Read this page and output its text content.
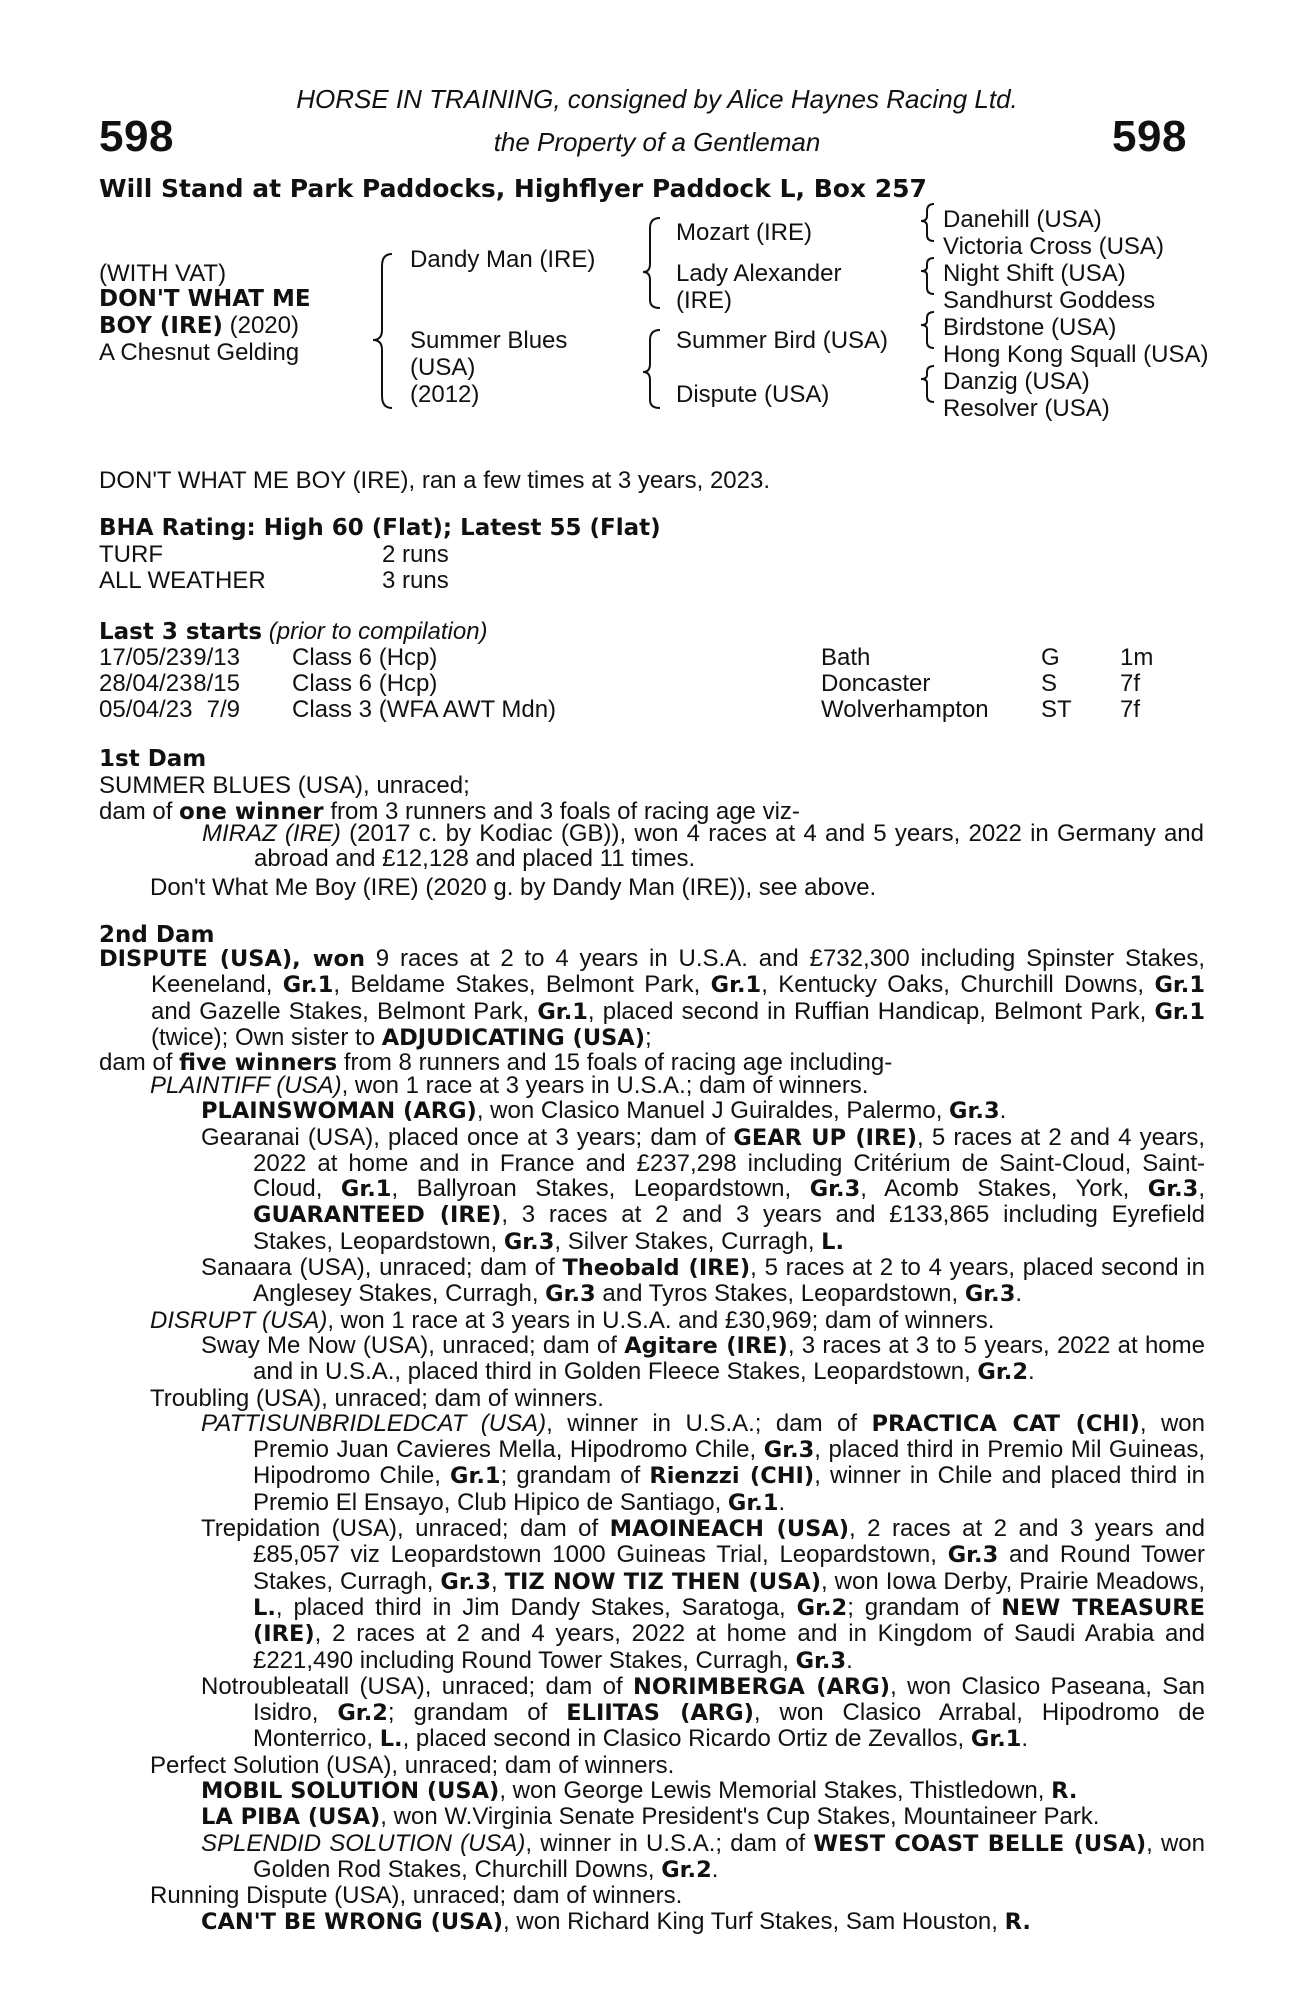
598	598
HORSE IN TRAINING, consigned by Alice Haynes Racing Ltd.
the Property of a Gentleman
Will Stand at Park Paddocks, Highflyer Paddock L, Box 257
(WITH VAT)
DON'T WHAT ME
BOY (IRE) (2020)
A Chesnut Gelding
Dandy Man (IRE)
Summer Blues
(USA)
(2012)
Mozart (IRE)
Lady Alexander
(IRE)
Summer Bird (USA)
Dispute (USA)
Danehill (USA)
Victoria Cross (USA)
Night Shift (USA)
Sandhurst Goddess
Birdstone (USA)
Hong Kong Squall (USA)
Danzig (USA)
Resolver (USA)
DON'T WHAT ME BOY (IRE), ran a few times at 3 years, 2023.
BHA Rating: High 60 (Flat); Latest 55 (Flat)
TURF	2 runs
ALL WEATHER	3 runs
Last 3 starts (prior to compilation)
17/05/23 9/13 Class 6 (Hcp)	Bath	G	1m
28/04/23 8/15 Class 6 (Hcp)	Doncaster	S	7f
05/04/23 7/9 Class 3 (WFA AWT Mdn)	Wolverhampton ST 7f
1st Dam
SUMMER BLUES (USA), unraced;
dam of one winner from 3 runners and 3 foals of racing age viz-
MIRAZ (IRE) (2017 c. by Kodiac (GB)), won 4 races at 4 and 5 years, 2022 in Germany and abroad and £12,128 and placed 11 times.
Don't What Me Boy (IRE) (2020 g. by Dandy Man (IRE)), see above.
2nd Dam
DISPUTE (USA), won 9 races at 2 to 4 years in U.S.A. and £732,300 including Spinster Stakes, Keeneland, Gr.1, Beldame Stakes, Belmont Park, Gr.1, Kentucky Oaks, Churchill Downs, Gr.1 and Gazelle Stakes, Belmont Park, Gr.1, placed second in Ruffian Handicap, Belmont Park, Gr.1 (twice); Own sister to ADJUDICATING (USA);
dam of five winners from 8 runners and 15 foals of racing age including-
PLAINTIFF (USA), won 1 race at 3 years in U.S.A.; dam of winners.
PLAINSWOMAN (ARG), won Clasico Manuel J Guiraldes, Palermo, Gr.3.
Gearanai (USA), placed once at 3 years; dam of GEAR UP (IRE), 5 races at 2 and 4 years, 2022 at home and in France and £237,298 including Critérium de Saint-Cloud, Saint-Cloud, Gr.1, Ballyroan Stakes, Leopardstown, Gr.3, Acomb Stakes, York, Gr.3, GUARANTEED (IRE), 3 races at 2 and 3 years and £133,865 including Eyrefield Stakes, Leopardstown, Gr.3, Silver Stakes, Curragh, L.
Sanaara (USA), unraced; dam of Theobald (IRE), 5 races at 2 to 4 years, placed second in Anglesey Stakes, Curragh, Gr.3 and Tyros Stakes, Leopardstown, Gr.3.
DISRUPT (USA), won 1 race at 3 years in U.S.A. and £30,969; dam of winners.
Sway Me Now (USA), unraced; dam of Agitare (IRE), 3 races at 3 to 5 years, 2022 at home and in U.S.A., placed third in Golden Fleece Stakes, Leopardstown, Gr.2.
Troubling (USA), unraced; dam of winners.
PATTISUNBRIDLEDCAT (USA), winner in U.S.A.; dam of PRACTICA CAT (CHI), won Premio Juan Cavieres Mella, Hipodromo Chile, Gr.3, placed third in Premio Mil Guineas, Hipodromo Chile, Gr.1; grandam of Rienzzi (CHI), winner in Chile and placed third in Premio El Ensayo, Club Hipico de Santiago, Gr.1.
Trepidation (USA), unraced; dam of MAOINEACH (USA), 2 races at 2 and 3 years and £85,057 viz Leopardstown 1000 Guineas Trial, Leopardstown, Gr.3 and Round Tower Stakes, Curragh, Gr.3, TIZ NOW TIZ THEN (USA), won Iowa Derby, Prairie Meadows, L., placed third in Jim Dandy Stakes, Saratoga, Gr.2; grandam of NEW TREASURE (IRE), 2 races at 2 and 4 years, 2022 at home and in Kingdom of Saudi Arabia and £221,490 including Round Tower Stakes, Curragh, Gr.3.
Notroubleatall (USA), unraced; dam of NORIMBERGA (ARG), won Clasico Paseana, San Isidro, Gr.2; grandam of ELIITAS (ARG), won Clasico Arrabal, Hipodromo de Monterrico, L., placed second in Clasico Ricardo Ortiz de Zevallos, Gr.1.
Perfect Solution (USA), unraced; dam of winners.
MOBIL SOLUTION (USA), won George Lewis Memorial Stakes, Thistledown, R.
LA PIBA (USA), won W.Virginia Senate President's Cup Stakes, Mountaineer Park.
SPLENDID SOLUTION (USA), winner in U.S.A.; dam of WEST COAST BELLE (USA), won Golden Rod Stakes, Churchill Downs, Gr.2.
Running Dispute (USA), unraced; dam of winners.
CAN'T BE WRONG (USA), won Richard King Turf Stakes, Sam Houston, R.
